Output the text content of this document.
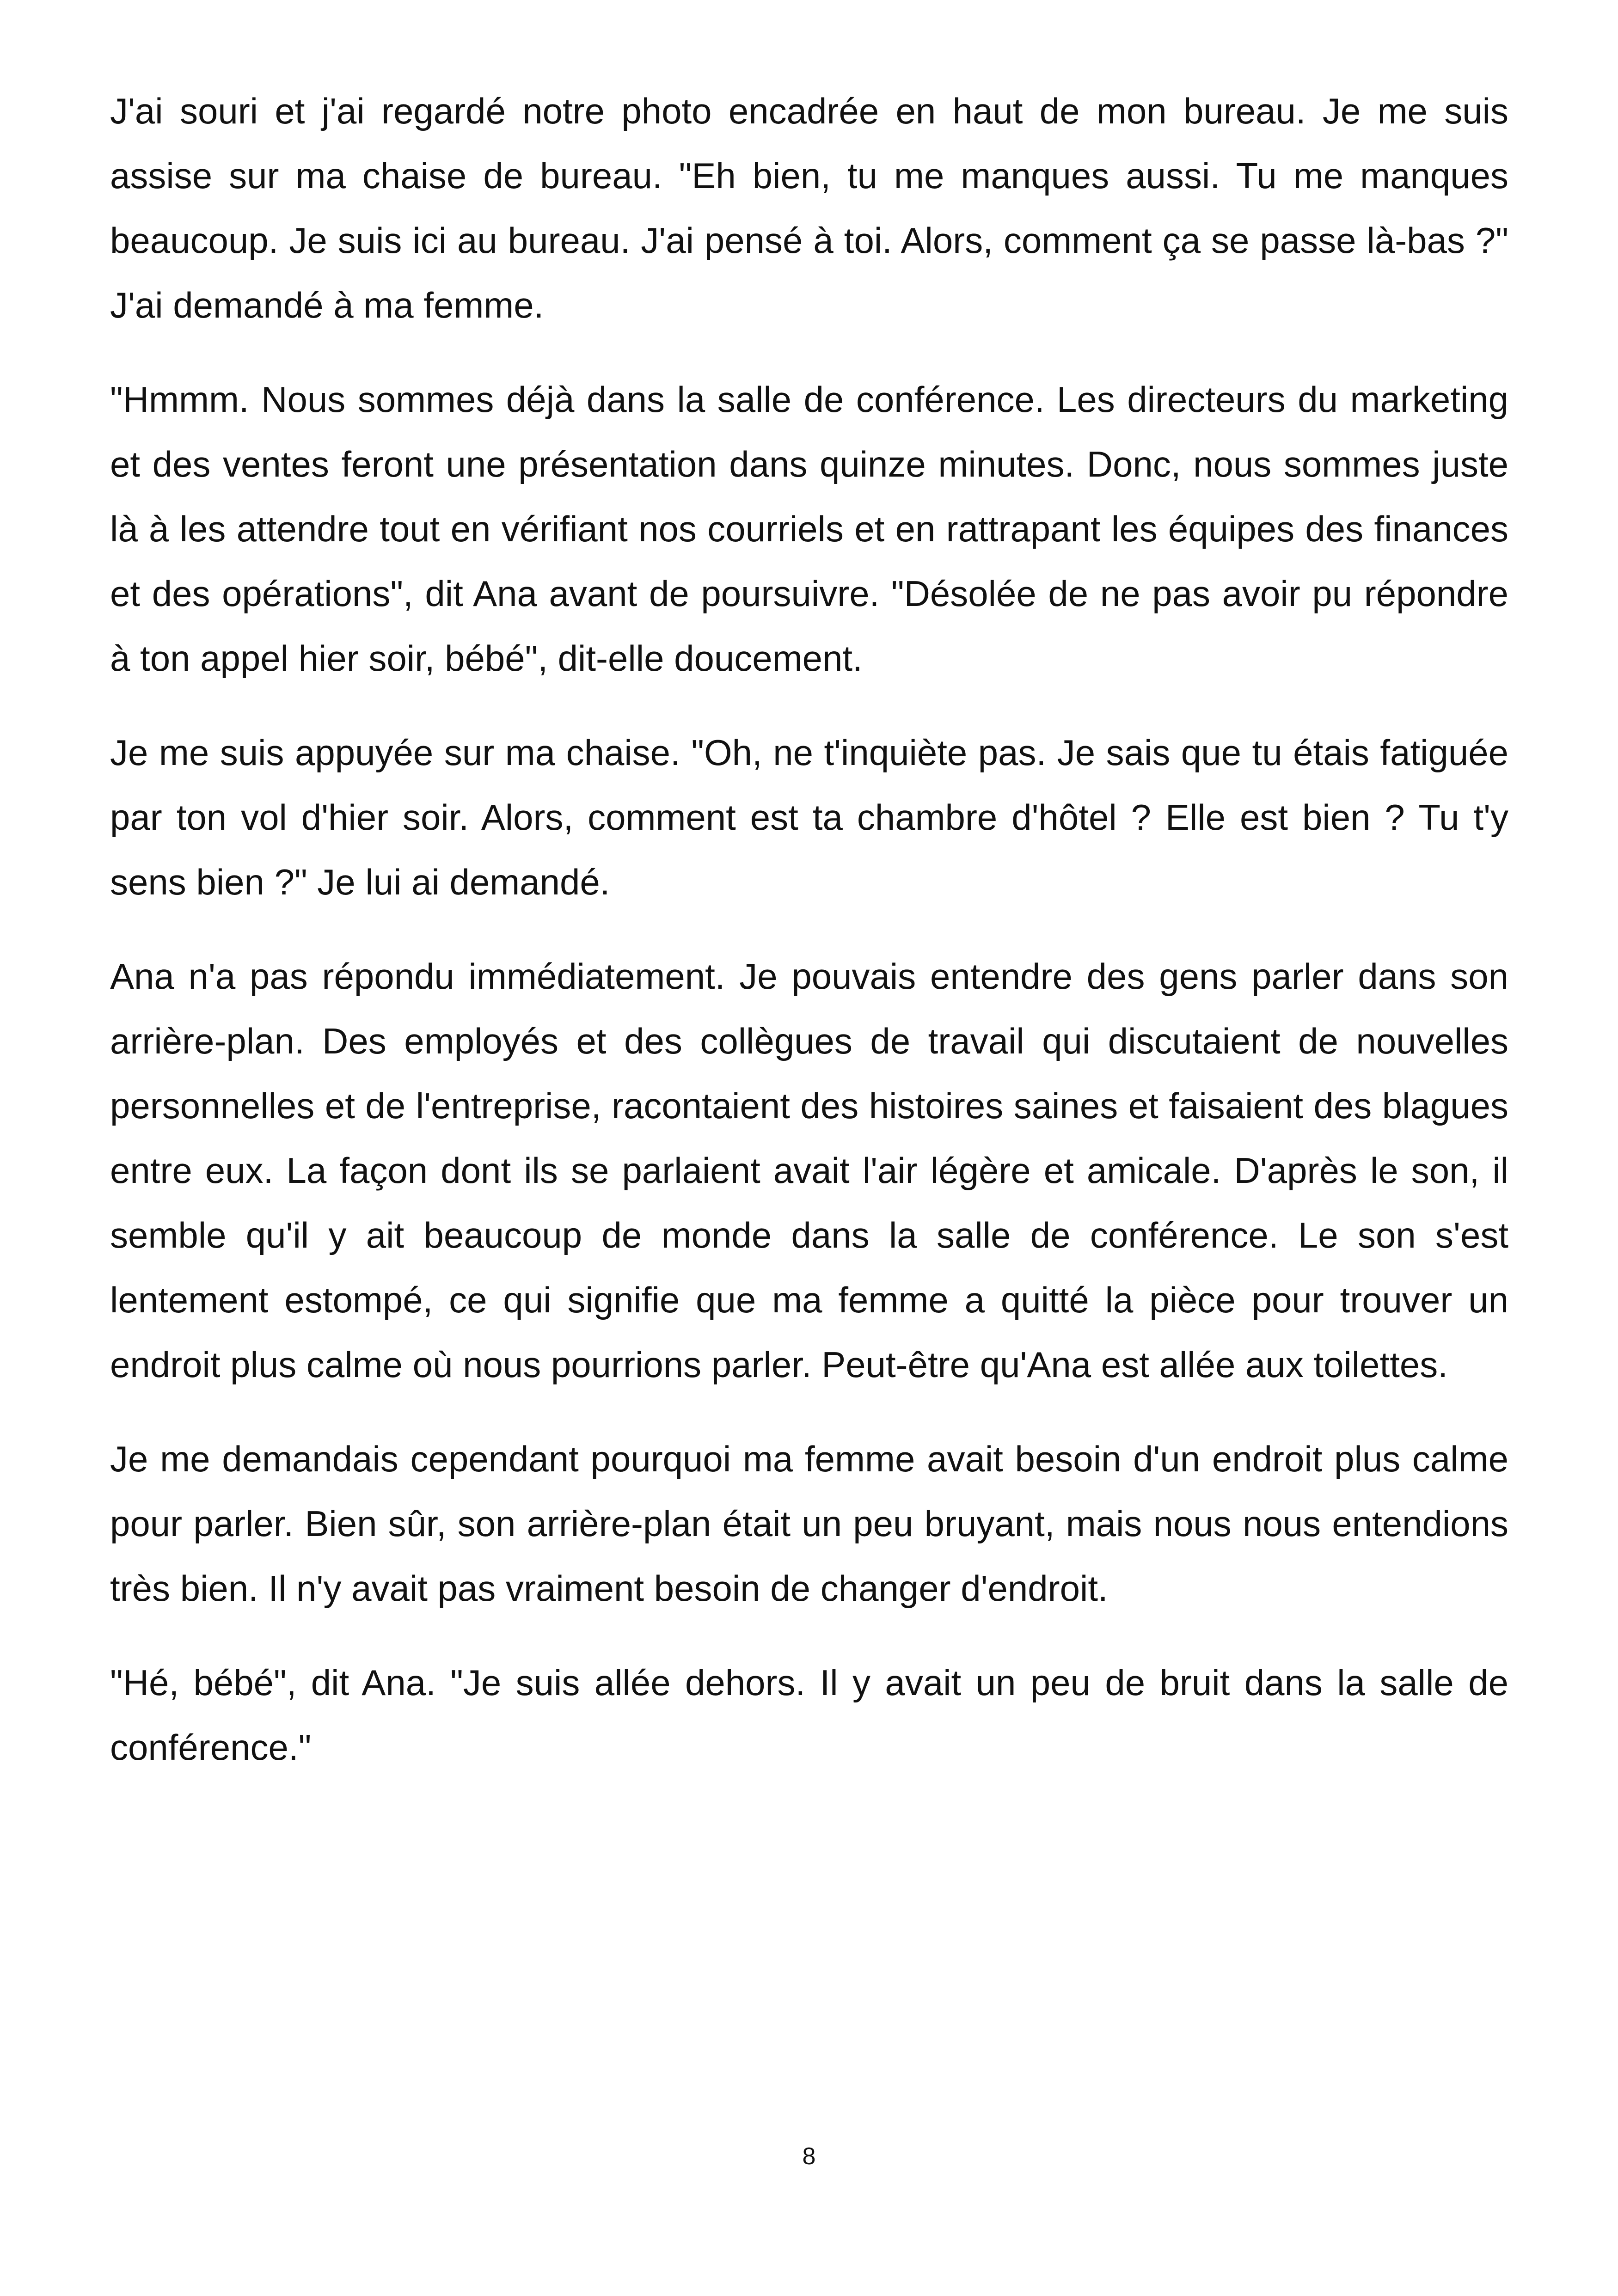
J'ai souri et j'ai regardé notre photo encadrée en haut de mon bureau. Je me suis assise sur ma chaise de bureau. "Eh bien, tu me manques aussi. Tu me manques beaucoup. Je suis ici au bureau. J'ai pensé à toi. Alors, comment ça se passe là-bas ?" J'ai demandé à ma femme.

"Hmmm. Nous sommes déjà dans la salle de conférence. Les directeurs du marketing et des ventes feront une présentation dans quinze minutes. Donc, nous sommes juste là à les attendre tout en vérifiant nos courriels et en rattrapant les équipes des finances et des opérations", dit Ana avant de poursuivre. "Désolée de ne pas avoir pu répondre à ton appel hier soir, bébé", dit-elle doucement.

Je me suis appuyée sur ma chaise. "Oh, ne t'inquiète pas. Je sais que tu étais fatiguée par ton vol d'hier soir. Alors, comment est ta chambre d'hôtel ? Elle est bien ? Tu t'y sens bien ?" Je lui ai demandé.

Ana n'a pas répondu immédiatement. Je pouvais entendre des gens parler dans son arrière-plan. Des employés et des collègues de travail qui discutaient de nouvelles personnelles et de l'entreprise, racontaient des histoires saines et faisaient des blagues entre eux. La façon dont ils se parlaient avait l'air légère et amicale. D'après le son, il semble qu'il y ait beaucoup de monde dans la salle de conférence. Le son s'est lentement estompé, ce qui signifie que ma femme a quitté la pièce pour trouver un endroit plus calme où nous pourrions parler. Peut-être qu'Ana est allée aux toilettes.

Je me demandais cependant pourquoi ma femme avait besoin d'un endroit plus calme pour parler. Bien sûr, son arrière-plan était un peu bruyant, mais nous nous entendions très bien. Il n'y avait pas vraiment besoin de changer d'endroit.

"Hé, bébé", dit Ana. "Je suis allée dehors. Il y avait un peu de bruit dans la salle de conférence."

8
